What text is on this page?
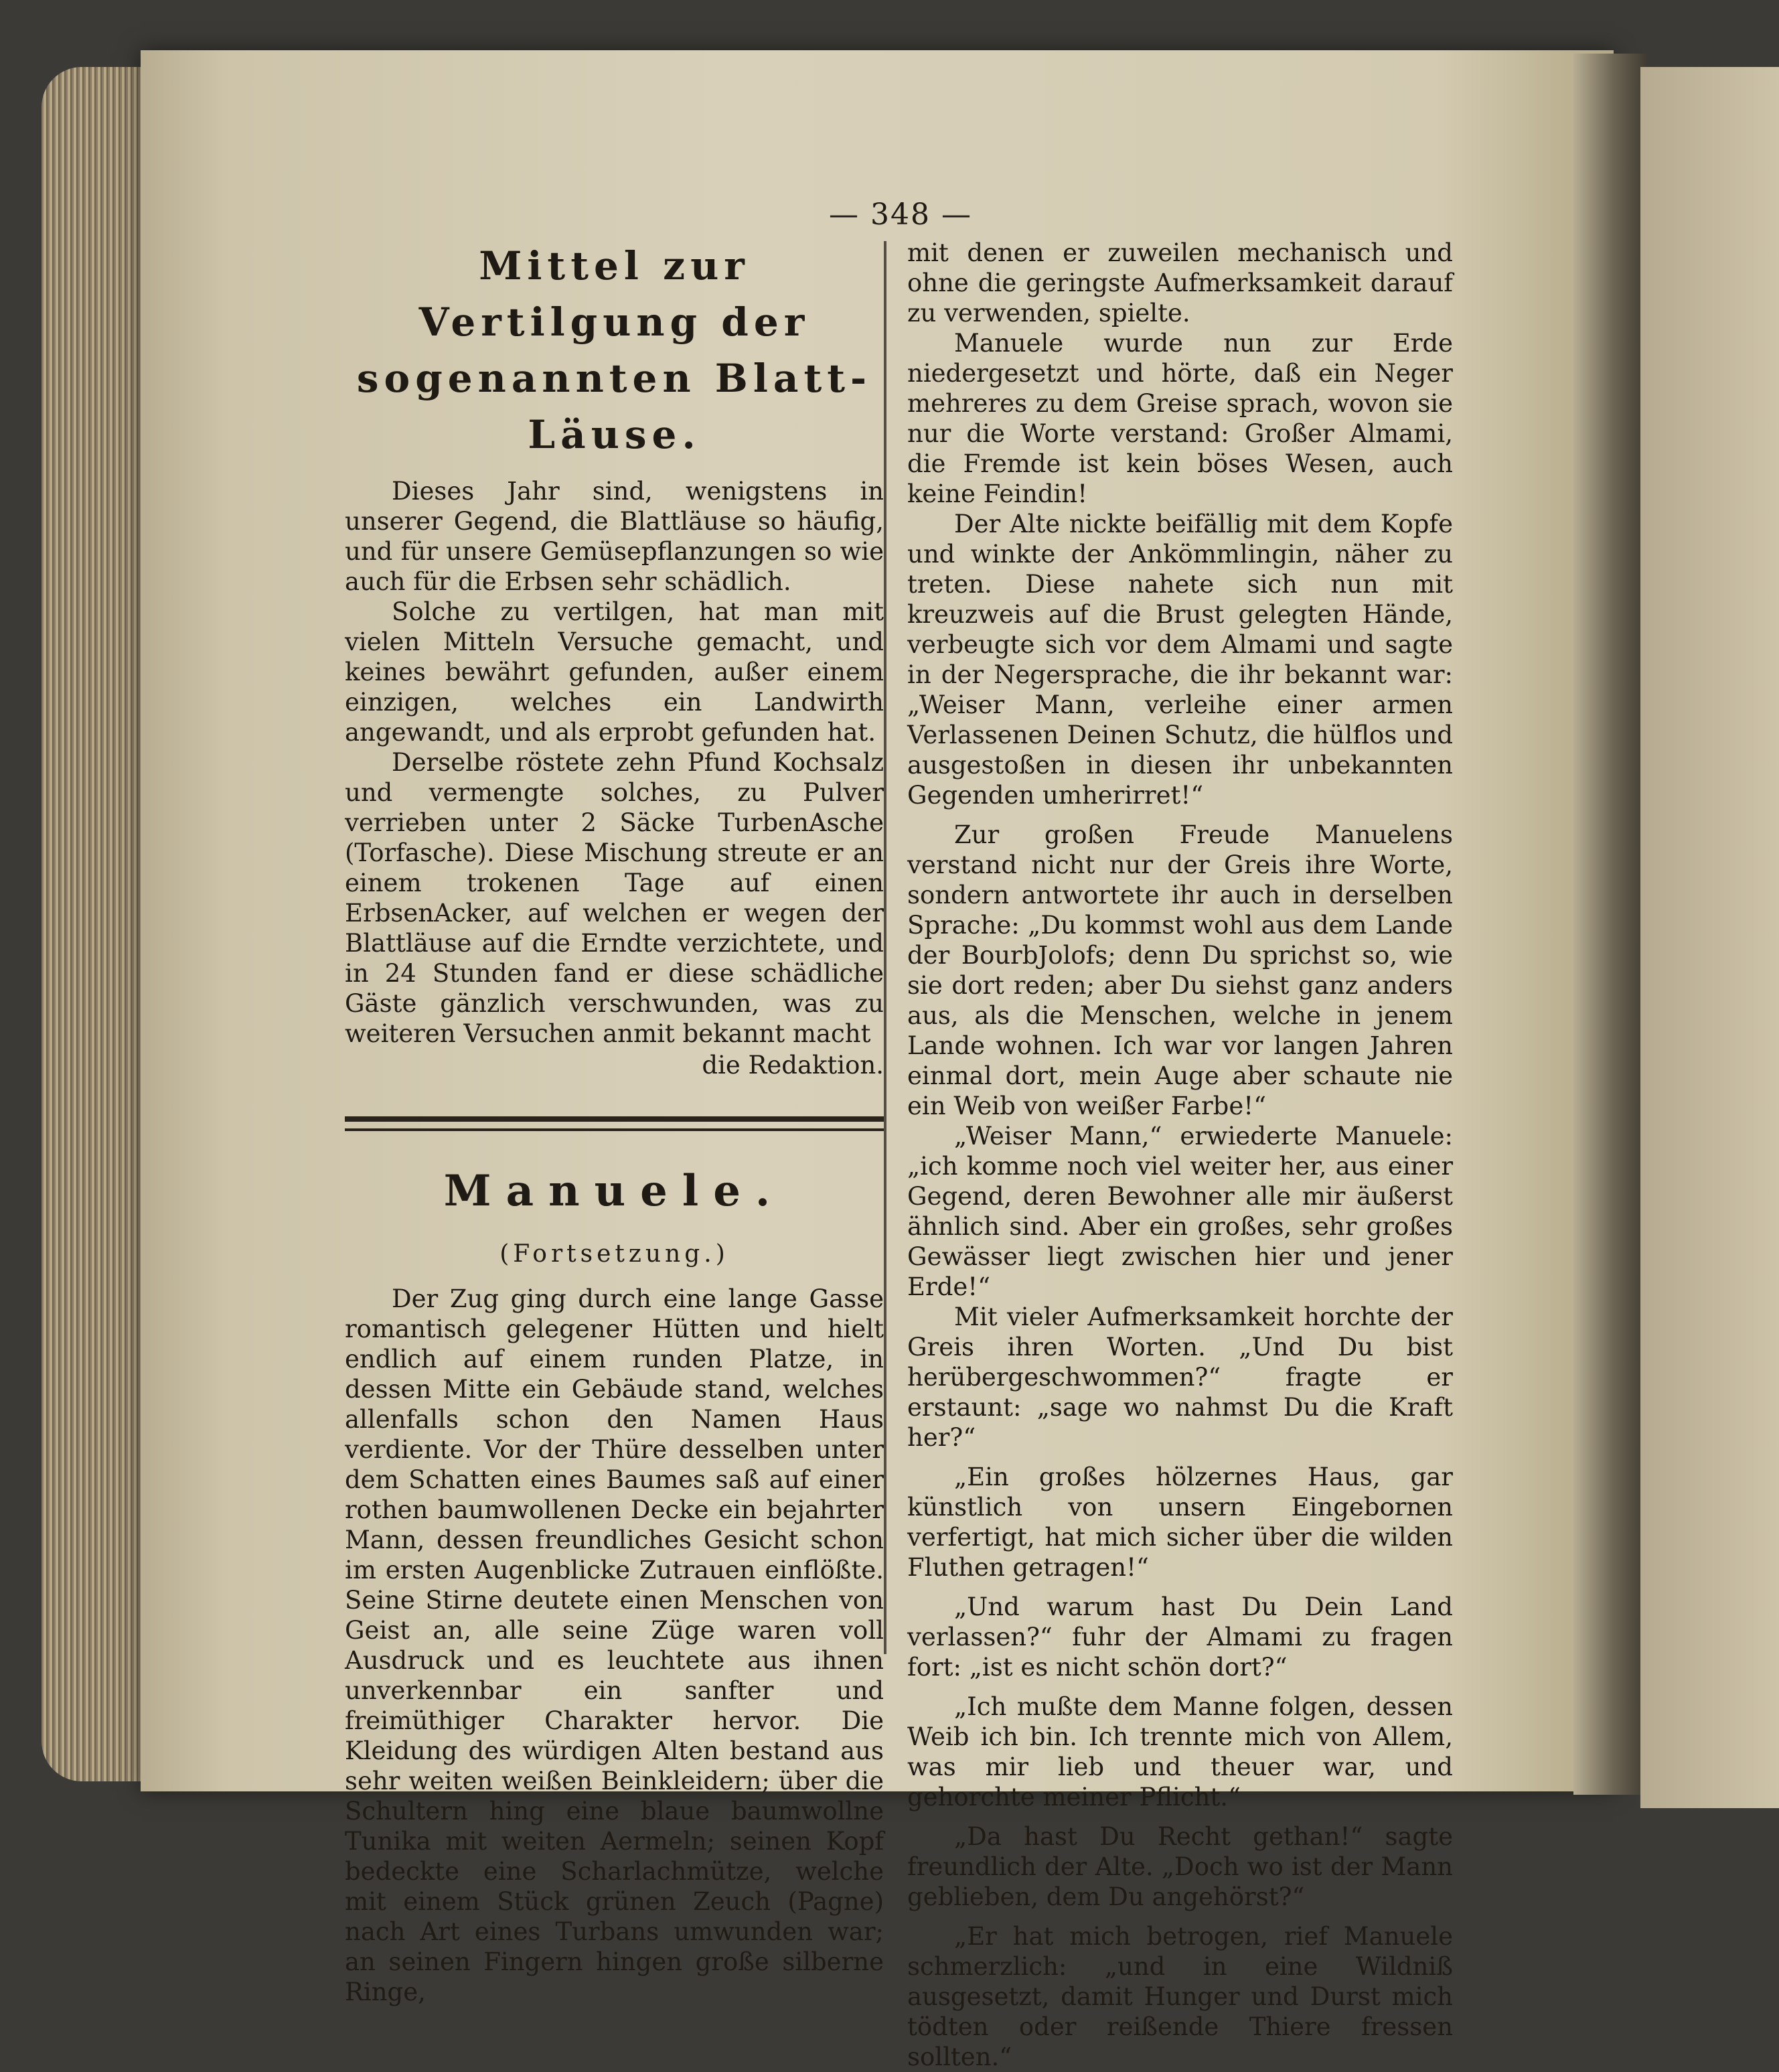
— 348 —
Mittel zur Vertilgung der sogenannten Blatt-Läuse.

Dieses Jahr sind, wenigstens in unserer Gegend, die Blattläuse so häufig, und für unsere Gemüsepflanzungen so wie auch für die Erbsen sehr schädlich.

Solche zu vertilgen, hat man mit vielen Mitteln Versuche gemacht, und keines bewährt gefunden, außer einem einzigen, welches ein Landwirth angewandt, und als erprobt gefunden hat.

Derselbe röstete zehn Pfund Kochsalz und vermengte solches, zu Pulver verrieben unter 2 Säcke TurbenAsche (Torfasche). Diese Mischung streute er an einem trokenen Tage auf einen ErbsenAcker, auf welchen er wegen der Blattläuse auf die Erndte verzichtete, und in 24 Stunden fand er diese schädliche Gäste gänzlich verschwunden, was zu weiteren Versuchen anmit bekannt macht

die Redaktion.
Manuele.
(Fortsetzung.)

Der Zug ging durch eine lange Gasse romantisch gelegener Hütten und hielt endlich auf einem runden Platze, in dessen Mitte ein Gebäude stand, welches allenfalls schon den Namen Haus verdiente. Vor der Thüre desselben unter dem Schatten eines Baumes saß auf einer rothen baumwollenen Decke ein bejahrter Mann, dessen freundliches Gesicht schon im ersten Augenblicke Zutrauen einflößte. Seine Stirne deutete einen Menschen von Geist an, alle seine Züge waren voll Ausdruck und es leuchtete aus ihnen unverkennbar ein sanfter und freimüthiger Charakter hervor. Die Kleidung des würdigen Alten bestand aus sehr weiten weißen Beinkleidern; über die Schultern hing eine blaue baumwollne Tunika mit weiten Aermeln; seinen Kopf bedeckte eine Scharlachmütze, welche mit einem Stück grünen Zeuch (Pagne) nach Art eines Turbans umwunden war; an seinen Fingern hingen große silberne Ringe,

mit denen er zuweilen mechanisch und ohne die geringste Aufmerksamkeit darauf zu verwenden, spielte.

Manuele wurde nun zur Erde niedergesetzt und hörte, daß ein Neger mehreres zu dem Greise sprach, wovon sie nur die Worte verstand: Großer Almami, die Fremde ist kein böses Wesen, auch keine Feindin!

Der Alte nickte beifällig mit dem Kopfe und winkte der Ankömmlingin, näher zu treten. Diese nahete sich nun mit kreuzweis auf die Brust gelegten Hände, verbeugte sich vor dem Almami und sagte in der Negersprache, die ihr bekannt war: „Weiser Mann, verleihe einer armen Verlassenen Deinen Schutz, die hülflos und ausgestoßen in diesen ihr unbekannten Gegenden umherirret!“

Zur großen Freude Manuelens verstand nicht nur der Greis ihre Worte, sondern antwortete ihr auch in derselben Sprache: „Du kommst wohl aus dem Lande der BourbJolofs; denn Du sprichst so, wie sie dort reden; aber Du siehst ganz anders aus, als die Menschen, welche in jenem Lande wohnen. Ich war vor langen Jahren einmal dort, mein Auge aber schaute nie ein Weib von weißer Farbe!“

„Weiser Mann,“ erwiederte Manuele: „ich komme noch viel weiter her, aus einer Gegend, deren Bewohner alle mir äußerst ähnlich sind. Aber ein großes, sehr großes Gewässer liegt zwischen hier und jener Erde!“

Mit vieler Aufmerksamkeit horchte der Greis ihren Worten. „Und Du bist herübergeschwommen?“ fragte er erstaunt: „sage wo nahmst Du die Kraft her?“

„Ein großes hölzernes Haus, gar künstlich von unsern Eingebornen verfertigt, hat mich sicher über die wilden Fluthen getragen!“

„Und warum hast Du Dein Land verlassen?“ fuhr der Almami zu fragen fort: „ist es nicht schön dort?“

„Ich mußte dem Manne folgen, dessen Weib ich bin. Ich trennte mich von Allem, was mir lieb und theuer war, und gehorchte meiner Pflicht.“

„Da hast Du Recht gethan!“ sagte freundlich der Alte. „Doch wo ist der Mann geblieben, dem Du angehörst?“

„Er hat mich betrogen, rief Manuele schmerzlich: „und in eine Wildniß ausgesetzt, damit Hunger und Durst mich tödten oder reißende Thiere fressen sollten.“
